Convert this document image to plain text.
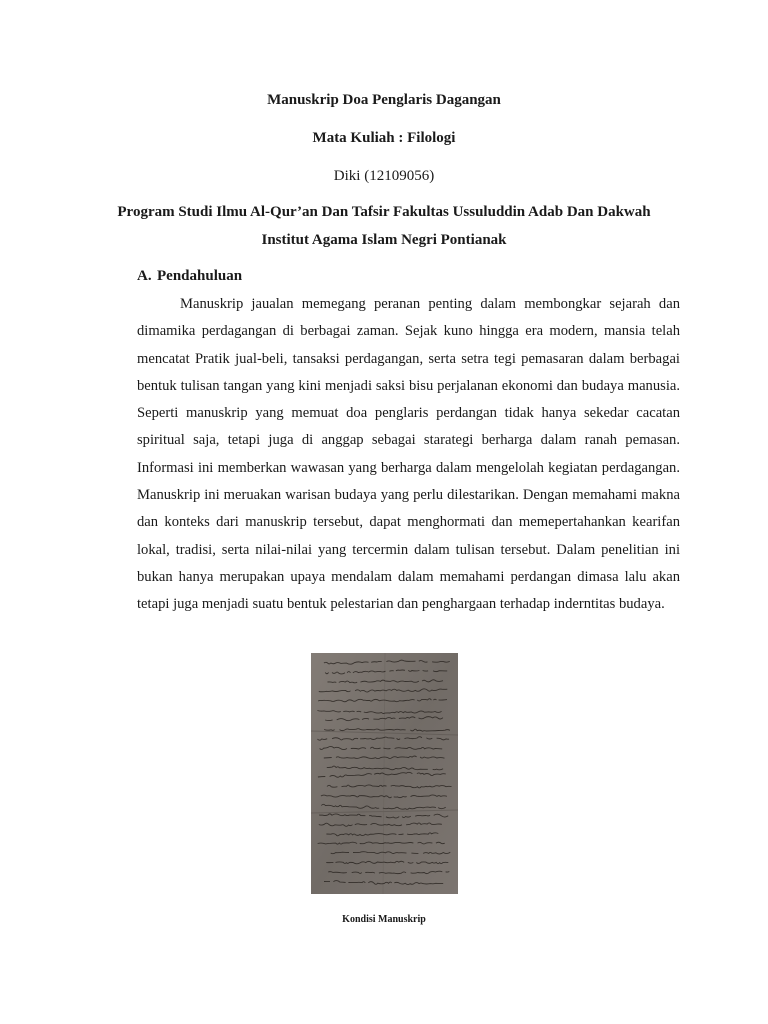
Manuskrip Doa Penglaris Dagangan
Mata Kuliah : Filologi
Diki (12109056)
Program Studi Ilmu Al-Qur’an Dan Tafsir Fakultas Ussuluddin Adab Dan Dakwah
Institut Agama Islam Negri Pontianak
A. Pendahuluan

Manuskrip jaualan memegang peranan penting dalam membongkar sejarah dan dimamika perdagangan di berbagai zaman. Sejak kuno hingga era modern, mansia telah mencatat Pratik jual-beli, tansaksi perdagangan, serta setra tegi pemasaran dalam berbagai bentuk tulisan tangan yang kini menjadi saksi bisu perjalanan ekonomi dan budaya manusia. Seperti manuskrip yang memuat doa penglaris perdangan tidak hanya sekedar cacatan spiritual saja, tetapi juga di anggap sebagai starategi berharga dalam ranah pemasan. Informasi ini memberkan wawasan yang berharga dalam mengelolah kegiatan perdagangan. Manuskrip ini meruakan warisan budaya yang perlu dilestarikan. Dengan memahami makna dan konteks dari manuskrip tersebut, dapat menghormati dan memepertahankan kearifan lokal, tradisi, serta nilai-nilai yang tercermin dalam tulisan tersebut. Dalam penelitian ini bukan hanya merupakan upaya mendalam dalam memahami perdangan dimasa lalu akan tetapi juga menjadi suatu bentuk pelestarian dan penghargaan terhadap inderntitas budaya.

Kondisi Manuskrip
